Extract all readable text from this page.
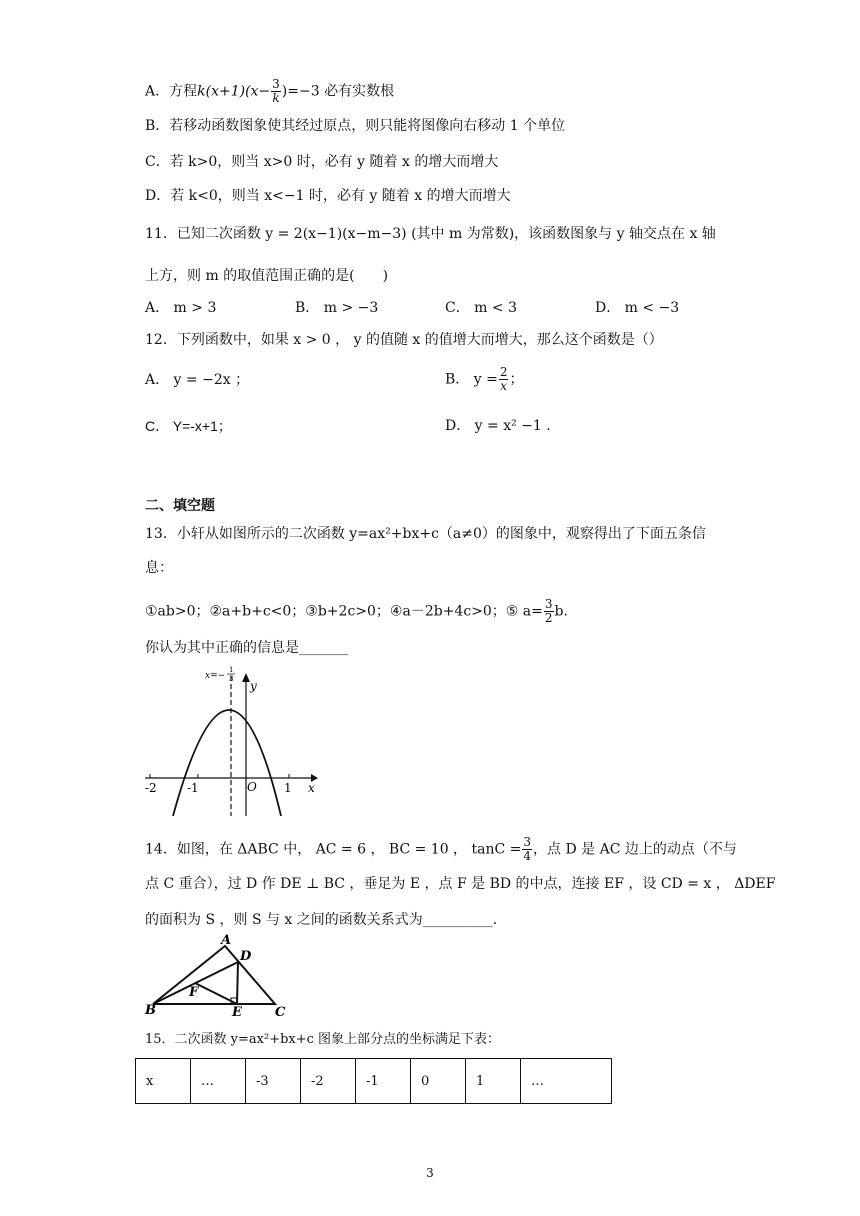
A．方程$k(x+1)(x- \frac{3}{k} )=-3$ 必有实数根
B．若移动函数图象使其经过原点，则只能将图像向右移动 1 个单位
C．若 k>0，则当 x>0 时，必有 y 随着 x 的增大而增大
D．若 k<0，则当 x<−1 时，必有 y 随着 x 的增大而增大
11．已知二次函数 y = 2(x−1)(x−m−3) (其中 m 为常数)，该函数图象与 y 轴交点在 x 轴
上方，则 m 的取值范围正确的是(　　)
A． m > 3	B． m > −3	C． m < 3	D． m < −3
12．下列函数中，如果 x > 0 ， y 的值随 x 的值增大而增大，那么这个函数是（）
A． y = −2x ；	B． $y = \frac{2}{x}$ ；
C． Y=-x+1；	D． y = x² −1 .
二、填空题
13．小轩从如图所示的二次函数 y=ax²+bx+c（a≠0）的图象中，观察得出了下面五条信
息：
①ab>0；②a+b+c<0；③b+2c>0；④a－2b+4c>0；⑤ $a= \frac{3}{2} b$.
你认为其中正确的信息是_______
-2	-1	1
O	x
y
x=−
1
3
14．如图，在 ΔABC 中， AC = 6 ， BC = 10 ， $\tan C = \frac{3}{4}$ ，点 D 是 AC 边上的动点（不与
点 C 重合），过 D 作 DE ⊥ BC ，垂足为 E ，点 F 是 BD 的中点，连接 EF ，设 CD = x ， ΔDEF
的面积为 S ，则 S 与 x 之间的函数关系式为__________.
A
D
B
F
E	C
15．二次函数 y=ax²+bx+c 图象上部分点的坐标满足下表：
x	…	-3	-2	-1	0	1	…
3
